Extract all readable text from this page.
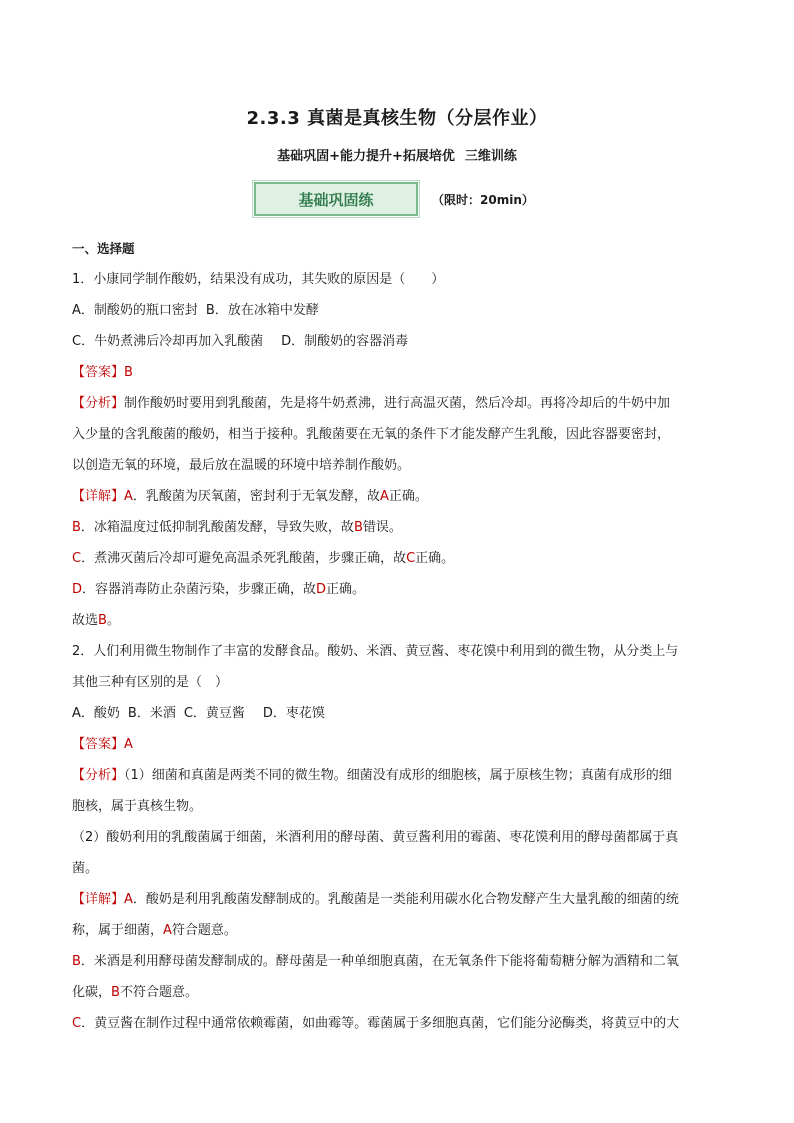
2.3.3 真菌是真核生物（分层作业）
基础巩固+能力提升+拓展培优 三维训练
基础巩固练	（限时：20min）
一、选择题
1．小康同学制作酸奶，结果没有成功，其失败的原因是（　　）
A．制酸奶的瓶口密封 B．放在冰箱中发酵
C．牛奶煮沸后冷却再加入乳酸菌 D．制酸奶的容器消毒
【答案】B
【分析】制作酸奶时要用到乳酸菌，先是将牛奶煮沸，进行高温灭菌，然后冷却。再将冷却后的牛奶中加
入少量的含乳酸菌的酸奶，相当于接种。乳酸菌要在无氧的条件下才能发酵产生乳酸，因此容器要密封，
以创造无氧的环境，最后放在温暖的环境中培养制作酸奶。
【详解】A．乳酸菌为厌氧菌，密封利于无氧发酵，故A正确。
B．冰箱温度过低抑制乳酸菌发酵，导致失败，故B错误。
C．煮沸灭菌后冷却可避免高温杀死乳酸菌，步骤正确，故C正确。
D．容器消毒防止杂菌污染，步骤正确，故D正确。
故选B。
2．人们利用微生物制作了丰富的发酵食品。酸奶、米酒、黄豆酱、枣花馍中利用到的微生物，从分类上与
其他三种有区别的是（　）
A．酸奶 B．米酒 C．黄豆酱 D．枣花馍
【答案】A
【分析】（1）细菌和真菌是两类不同的微生物。细菌没有成形的细胞核，属于原核生物；真菌有成形的细
胞核，属于真核生物。
（2）酸奶利用的乳酸菌属于细菌，米酒利用的酵母菌、黄豆酱利用的霉菌、枣花馍利用的酵母菌都属于真
菌。
【详解】A．酸奶是利用乳酸菌发酵制成的。乳酸菌是一类能利用碳水化合物发酵产生大量乳酸的细菌的统
称，属于细菌，A符合题意。
B．米酒是利用酵母菌发酵制成的。酵母菌是一种单细胞真菌，在无氧条件下能将葡萄糖分解为酒精和二氧
化碳，B不符合题意。
C．黄豆酱在制作过程中通常依赖霉菌，如曲霉等。霉菌属于多细胞真菌，它们能分泌酶类，将黄豆中的大
